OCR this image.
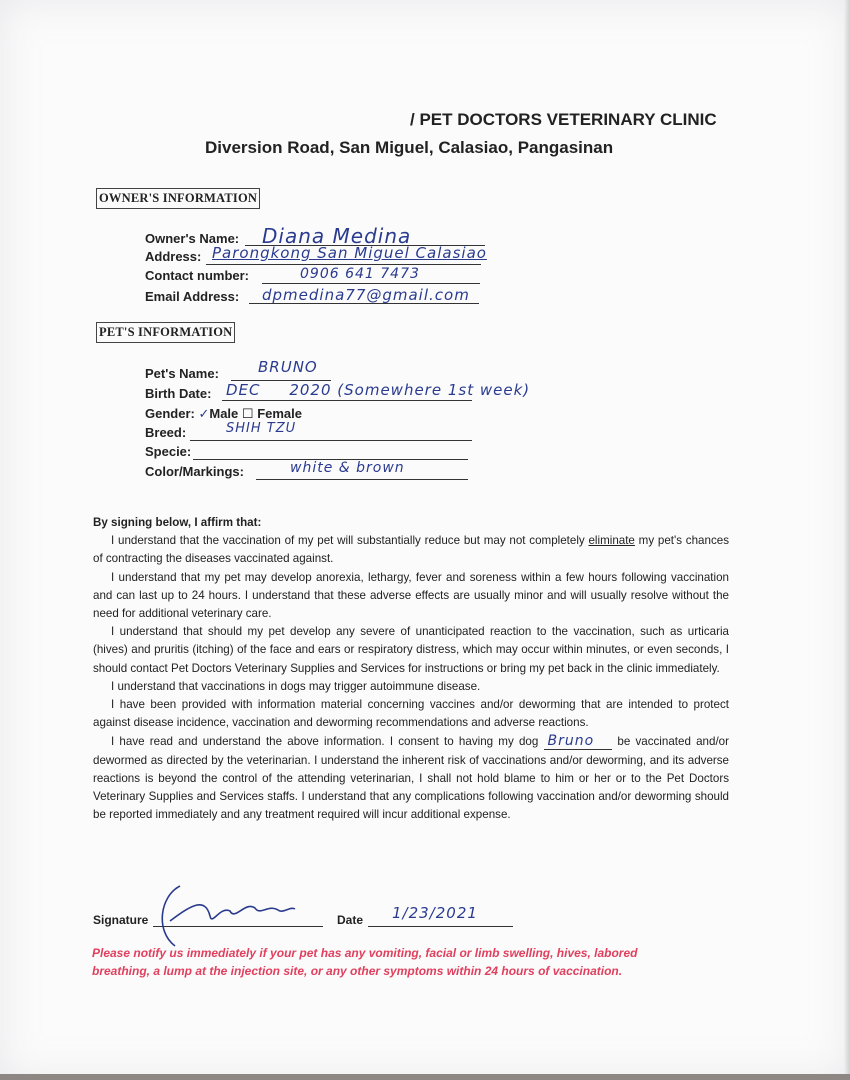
/ PET DOCTORS VETERINARY CLINIC
Diversion Road, San Miguel, Calasiao, Pangasinan
OWNER'S INFORMATION
Owner's Name: Diana Medina
Address: Parongkong San Miguel Calasiao
Contact number:	0906 641 7473
Email Address: dpmedina77@gmail.com
PET'S INFORMATION
Pet's Name:	BRUNO
Birth Date: DEC     2020 (Somewhere 1st week)
Gender: ✓Male ☐ Female
Breed:	SHIH TZU
Specie:
Color/Markings:	white & brown

By signing below, I affirm that:

I understand that the vaccination of my pet will substantially reduce but may not completely eliminate my pet's chances of contracting the diseases vaccinated against.

I understand that my pet may develop anorexia, lethargy, fever and soreness within a few hours following vaccination and can last up to 24 hours. I understand that these adverse effects are usually minor and will usually resolve without the need for additional veterinary care.

I understand that should my pet develop any severe of unanticipated reaction to the vaccination, such as urticaria (hives) and pruritis (itching) of the face and ears or respiratory distress, which may occur within minutes, or even seconds, I should contact Pet Doctors Veterinary Supplies and Services for instructions or bring my pet back in the clinic immediately.

I understand that vaccinations in dogs may trigger autoimmune disease.

I have been provided with information material concerning vaccines and/or deworming that are intended to protect against disease incidence, vaccination and deworming recommendations and adverse reactions.

I have read and understand the above information. I consent to having my dog Bruno be vaccinated and/or dewormed as directed by the veterinarian. I understand the inherent risk of vaccinations and/or deworming, and its adverse reactions is beyond the control of the attending veterinarian, I shall not hold blame to him or her or to the Pet Doctors Veterinary Supplies and Services staffs. I understand that any complications following vaccination and/or deworming should be reported immediately and any treatment required will incur additional expense.

Signature	Date 1/23/2021
Please notify us immediately if your pet has any vomiting, facial or limb swelling, hives, labored breathing, a lump at the injection site, or any other symptoms within 24 hours of vaccination.
